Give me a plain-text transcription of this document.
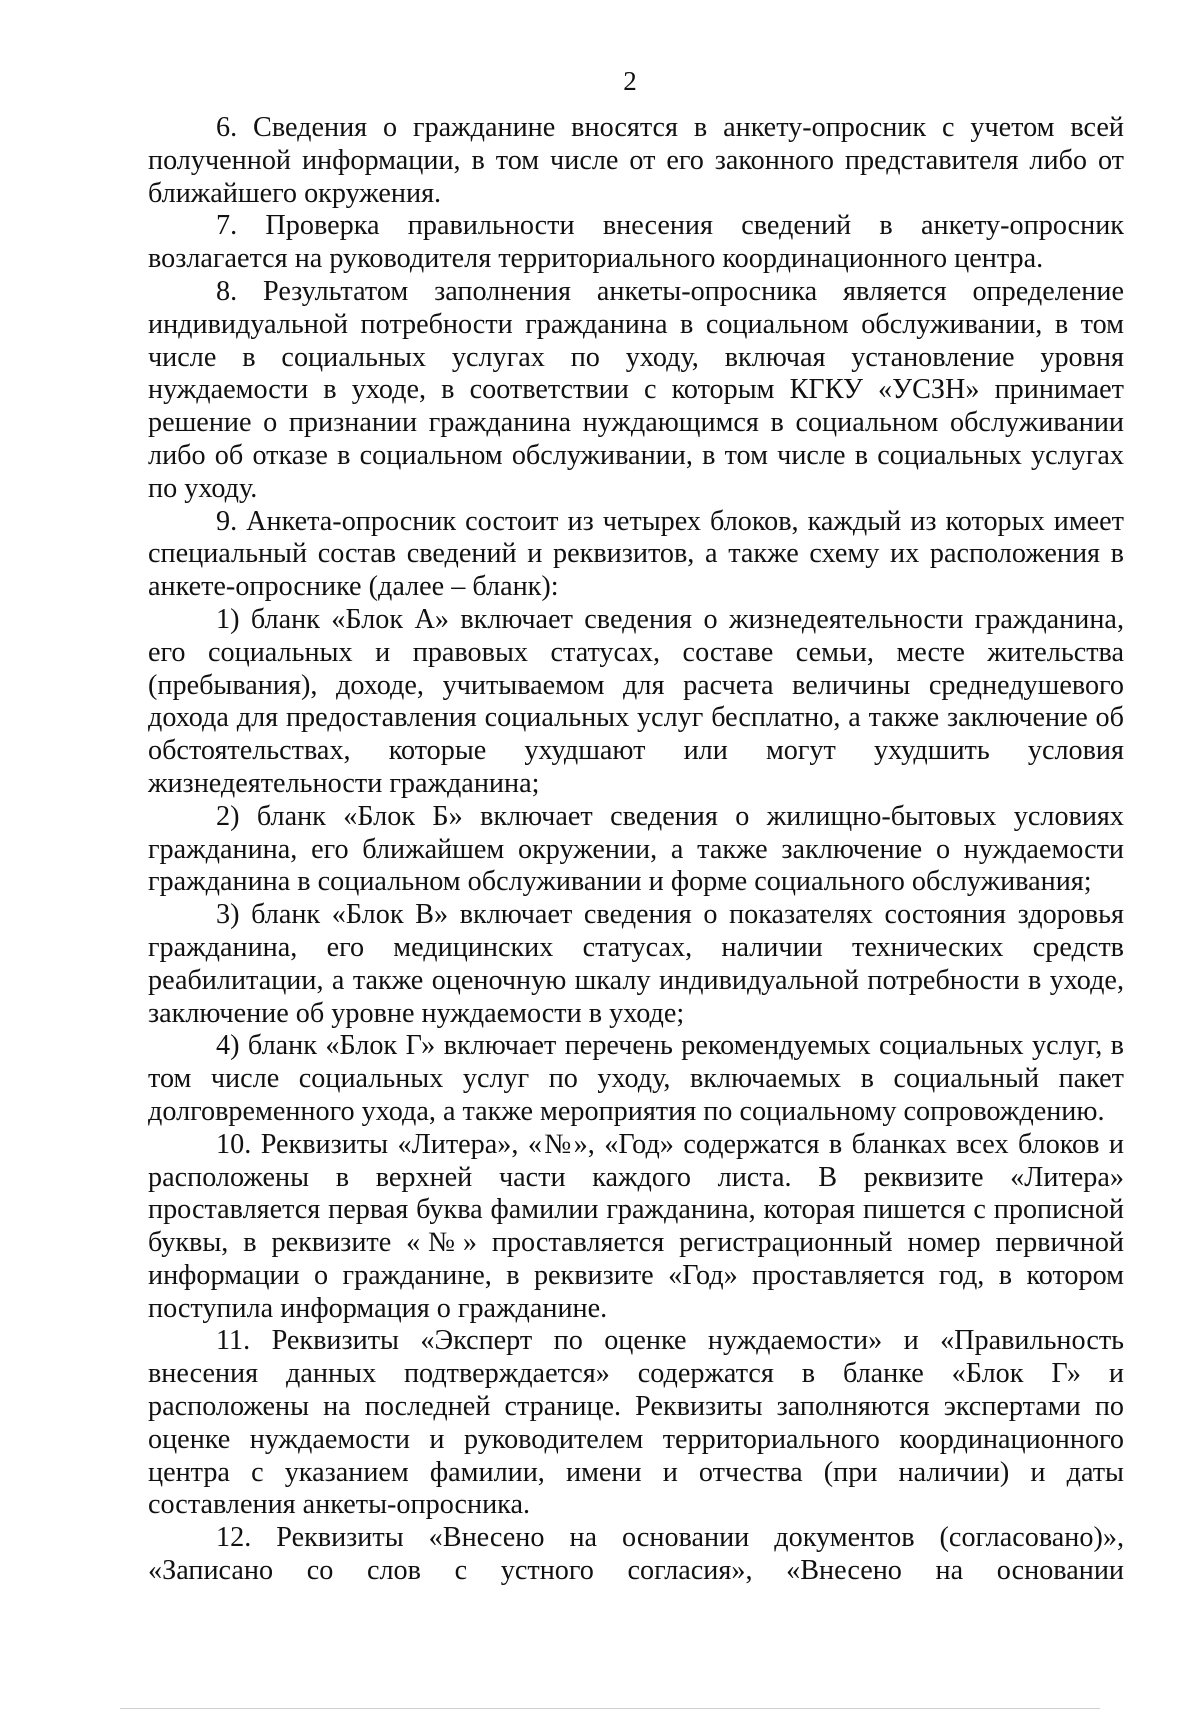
2

6. Сведения о гражданине вносятся в анкету-опросник с учетом всей полученной информации, в том числе от его законного представителя либо от ближайшего окружения.

7. Проверка правильности внесения сведений в анкету-опросник возлагается на руководителя территориального координационного центра.

8. Результатом заполнения анкеты-опросника является определение индивидуальной потребности гражданина в социальном обслуживании, в том числе в социальных услугах по уходу, включая установление уровня нуждаемости в уходе, в соответствии с которым КГКУ «УСЗН» принимает решение о признании гражданина нуждающимся в социальном обслуживании либо об отказе в социальном обслуживании, в том числе в социальных услугах по уходу.

9. Анкета-опросник состоит из четырех блоков, каждый из которых имеет специальный состав сведений и реквизитов, а также схему их расположения в анкете-опроснике (далее – бланк):

1) бланк «Блок А» включает сведения о жизнедеятельности гражданина, его социальных и правовых статусах, составе семьи, месте жительства (пребывания), доходе, учитываемом для расчета величины среднедушевого дохода для предоставления социальных услуг бесплатно, а также заключение об обстоятельствах, которые ухудшают или могут ухудшить условия жизнедеятельности гражданина;

2) бланк «Блок Б» включает сведения о жилищно-бытовых условиях гражданина, его ближайшем окружении, а также заключение о нуждаемости гражданина в социальном обслуживании и форме социального обслуживания;

3) бланк «Блок В» включает сведения о показателях состояния здоровья гражданина, его медицинских статусах, наличии технических средств реабилитации, а также оценочную шкалу индивидуальной потребности в уходе, заключение об уровне нуждаемости в уходе;

4) бланк «Блок Г» включает перечень рекомендуемых социальных услуг, в том числе социальных услуг по уходу, включаемых в социальный пакет долговременного ухода, а также мероприятия по социальному сопровождению.

10. Реквизиты «Литера», «№», «Год» содержатся в бланках всех блоков и расположены в верхней части каждого листа. В реквизите «Литера» проставляется первая буква фамилии гражданина, которая пишется с прописной буквы, в реквизите «№» проставляется регистрационный номер первичной информации о гражданине, в реквизите «Год» проставляется год, в котором поступила информация о гражданине.

11. Реквизиты «Эксперт по оценке нуждаемости» и «Правильность внесения данных подтверждается» содержатся в бланке «Блок Г» и расположены на последней странице. Реквизиты заполняются экспертами по оценке нуждаемости и руководителем территориального координационного центра с указанием фамилии, имени и отчества (при наличии) и даты составления анкеты-опросника.

12. Реквизиты «Внесено на основании документов (согласовано)», «Записано со слов с устного согласия», «Внесено на основании
